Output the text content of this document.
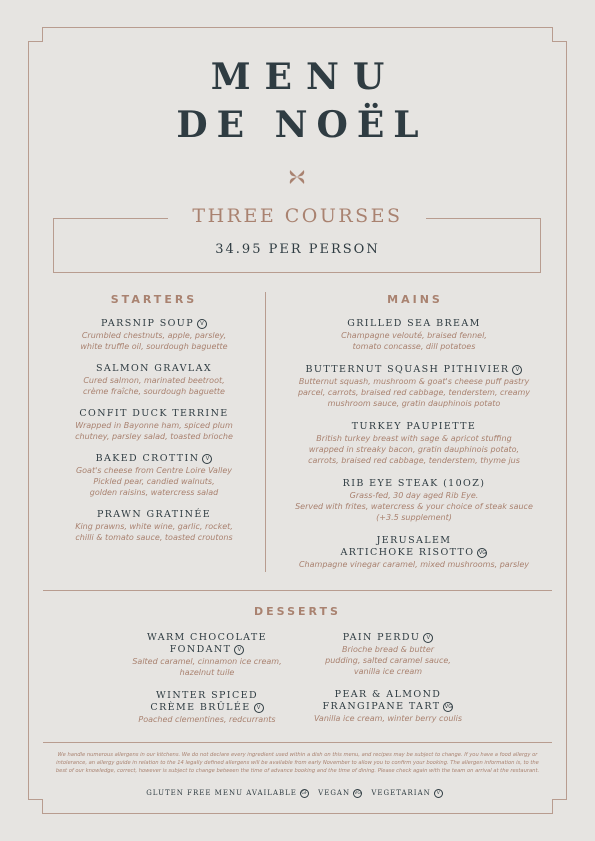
MENU
DE NOËL
THREE COURSES
34.95 PER PERSON
STARTERS
PARSNIP SOUP V
Crumbled chestnuts, apple, parsley,
white truffle oil, sourdough baguette
SALMON GRAVLAX
Cured salmon, marinated beetroot,
crème fraîche, sourdough baguette
CONFIT DUCK TERRINE
Wrapped in Bayonne ham, spiced plum
chutney, parsley salad, toasted brioche
BAKED CROTTIN V
Goat's cheese from Centre Loire Valley
Pickled pear, candied walnuts,
golden raisins, watercress salad
PRAWN GRATINÉE
King prawns, white wine, garlic, rocket,
chilli & tomato sauce, toasted croutons
MAINS
GRILLED SEA BREAM
Champagne velouté, braised fennel,
tomato concasse, dill potatoes
BUTTERNUT SQUASH PITHIVIER V
Butternut squash, mushroom & goat's cheese puff pastry
parcel, carrots, braised red cabbage, tenderstem, creamy
mushroom sauce, gratin dauphinois potato
TURKEY PAUPIETTE
British turkey breast with sage & apricot stuffing
wrapped in streaky bacon, gratin dauphinois potato,
carrots, braised red cabbage, tenderstem, thyme jus
RIB EYE STEAK (10OZ)
Grass-fed, 30 day aged Rib Eye.
Served with frites, watercress & your choice of steak sauce
(+3.5 supplement)
JERUSALEM
ARTICHOKE RISOTTO VG
Champagne vinegar caramel, mixed mushrooms, parsley
DESSERTS
WARM CHOCOLATE
FONDANT V
Salted caramel, cinnamon ice cream,
hazelnut tuile
WINTER SPICED
CRÈME BRÛLÉE V
Poached clementines, redcurrants
PAIN PERDU V
Brioche bread & butter
pudding, salted caramel sauce,
vanilla ice cream
PEAR & ALMOND
FRANGIPANE TART VG
Vanilla ice cream, winter berry coulis
We handle numerous allergens in our kitchens. We do not declare every ingredient used within a dish on this menu, and recipes may be subject to change. If you have a food allergy or
intolerance, an allergy guide in relation to the 14 legally defined allergens will be available from early November to allow you to confirm your booking. The allergen information is, to the
best of our knowledge, correct, however is subject to change between the time of advance booking and the time of dining. Please check again with the team on arrival at the restaurant.
GLUTEN FREE MENU AVAILABLE GF VEGAN VG VEGETARIAN V
